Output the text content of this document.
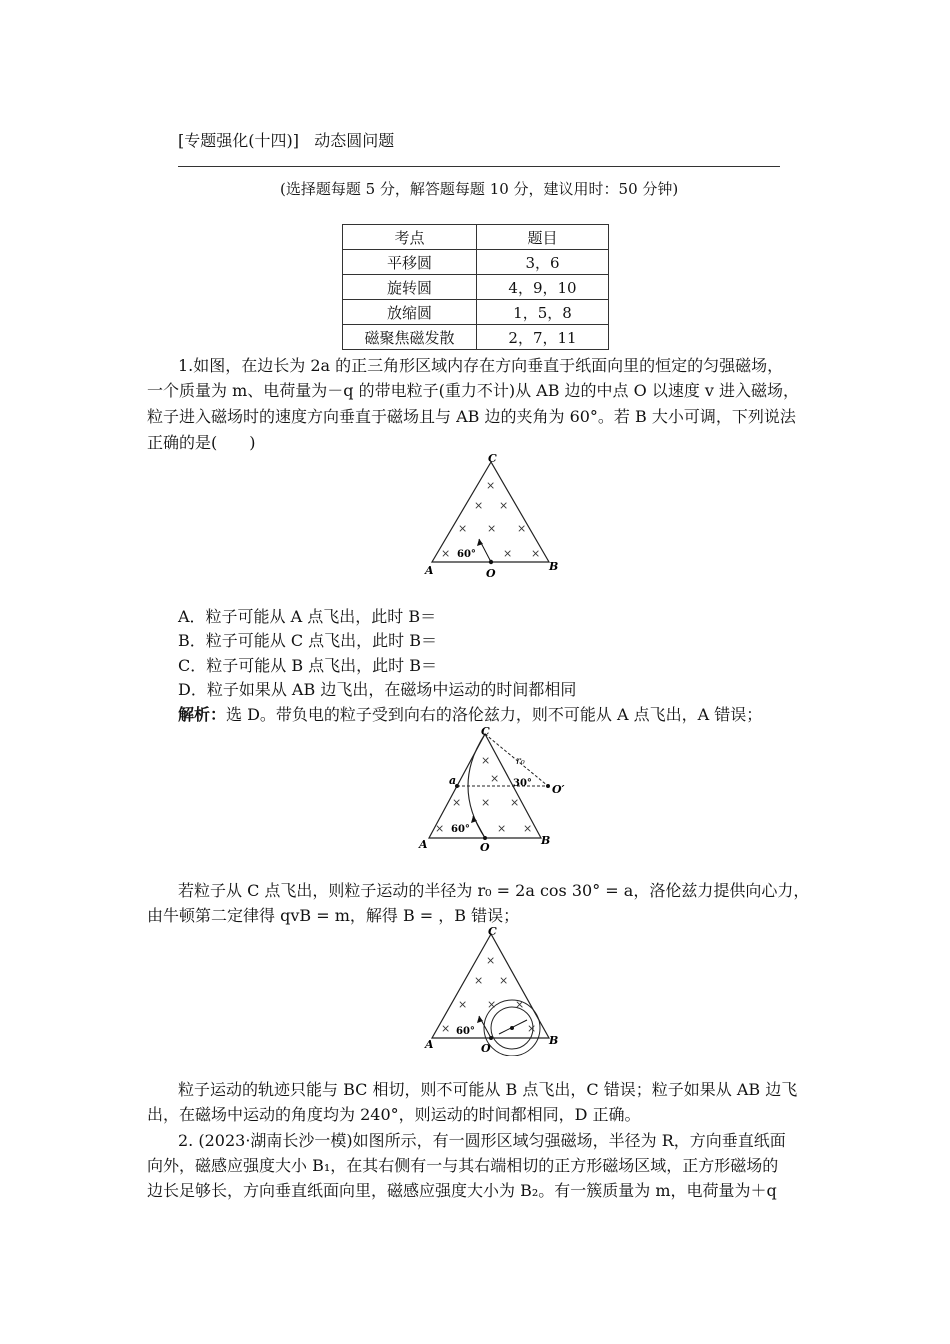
[专题强化(十四)] 动态圆问题
(选择题每题 5 分，解答题每题 10 分，建议用时：50 分钟)
考点	题目
平移圆	3，6
旋转圆	4，9，10
放缩圆	1，5，8
磁聚焦磁发散	2，7，11
1.如图，在边长为 2a 的正三角形区域内存在方向垂直于纸面向里的恒定的匀强磁场，
一个质量为 m、电荷量为－q 的带电粒子(重力不计)从 AB 边的中点 O 以速度 v 进入磁场，
粒子进入磁场时的速度方向垂直于磁场且与 AB 边的夹角为 60°。若 B 大小可调，下列说法
正确的是(　　)
C
A	B
O
60°
×
× ×
× × ×
×	× ×
A．粒子可能从 A 点飞出，此时 B＝
B．粒子可能从 C 点飞出，此时 B＝
C．粒子可能从 B 点飞出，此时 B＝
D．粒子如果从 AB 边飞出，在磁场中运动的时间都相同
解析：选 D。带负电的粒子受到向右的洛伦兹力，则不可能从 A 点飞出，A 错误；
C
A	B
O
a
O′
r₀
30°
60°
×
×
× × ×
×	× ×
若粒子从 C 点飞出，则粒子运动的半径为 r₀ = 2a cos 30° = a，洛伦兹力提供向心力，
由牛顿第二定律得 qvB = m，解得 B = ，B 错误；
C
A	B
O
60°
×
× ×
× × ×
×	×
粒子运动的轨迹只能与 BC 相切，则不可能从 B 点飞出，C 错误；粒子如果从 AB 边飞
出，在磁场中运动的角度均为 240°，则运动的时间都相同，D 正确。
2. (2023·湖南长沙一模)如图所示，有一圆形区域匀强磁场，半径为 R，方向垂直纸面
向外，磁感应强度大小 B₁，在其右侧有一与其右端相切的正方形磁场区域，正方形磁场的
边长足够长，方向垂直纸面向里，磁感应强度大小为 B₂。有一簇质量为 m，电荷量为＋q
